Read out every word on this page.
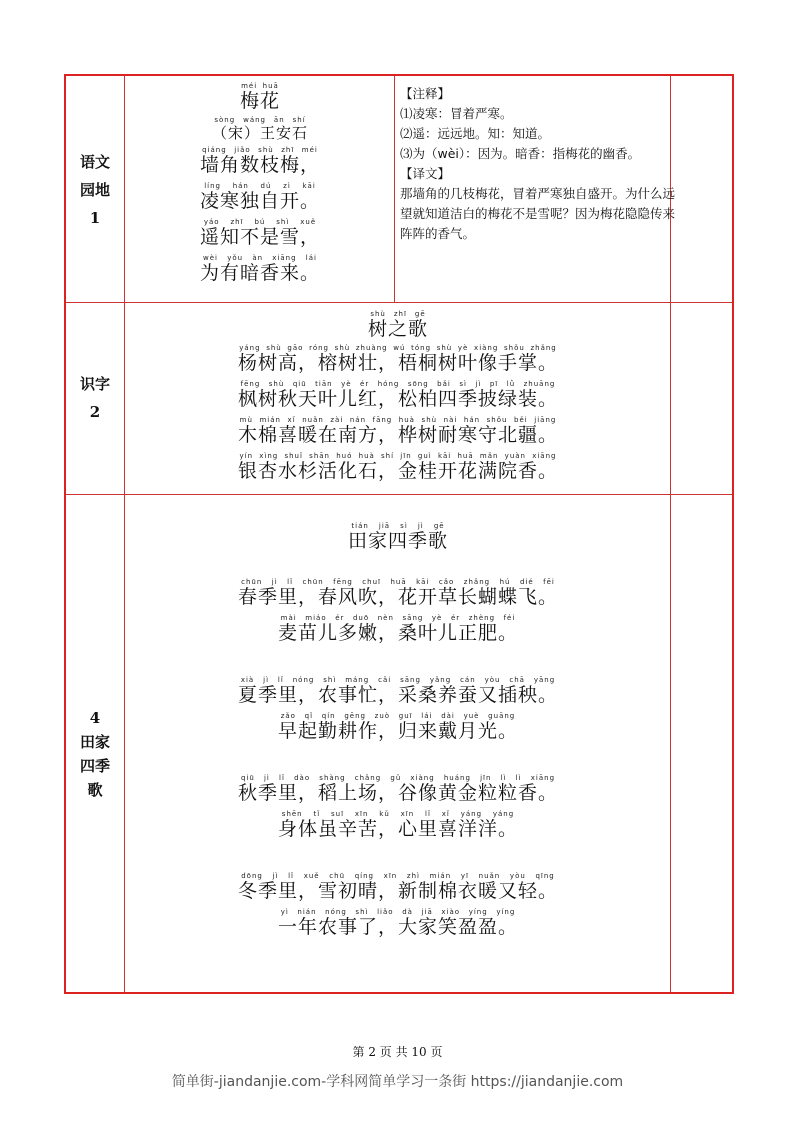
语文
园地
1
梅花méi huā
（宋）王安石sòng wáng ān shí
墙角数枝梅，qiáng jiǎo shù zhī méi
凌寒独自开。líng hán dú zì kāi
遥知不是雪，yáo zhī bú shì xuě
为有暗香来。wèi yǒu àn xiāng lái
【注释】
⑴凌寒：冒着严寒。
⑵遥：远远地。知：知道。
⑶为（wèi）：因为。暗香：指梅花的幽香。
【译文】
那墙角的几枝梅花，冒着严寒独自盛开。为什么远望就知道洁白的梅花不是雪呢？因为梅花隐隐传来阵阵的香气。
识字
2
树之歌shù zhī gē
杨树高，榕树壮，梧桐树叶像手掌。yáng shù gāo róng shù zhuàng wú tóng shù yè xiàng shǒu zhǎng
枫树秋天叶儿红，松柏四季披绿装。fēng shù qiū tiān yè ér hóng sōng bǎi sì jì pī lǜ zhuāng
木棉喜暖在南方，桦树耐寒守北疆。mù mián xǐ nuǎn zài nán fāng huà shù nài hán shǒu běi jiāng
银杏水杉活化石，金桂开花满院香。yín xìng shuǐ shān huó huà shí jīn guì kāi huā mǎn yuàn xiāng
4
田家
四季
歌
田家四季歌tián jiā sì jì gē
春季里，春风吹，花开草长蝴蝶飞。chūn jì lǐ chūn fēng chuī huā kāi cǎo zhǎng hú dié fēi
麦苗儿多嫩，桑叶儿正肥。mài miáo ér duō nèn sāng yè ér zhèng féi
夏季里，农事忙，采桑养蚕又插秧。xià jì lǐ nóng shì máng cǎi sāng yǎng cán yòu chā yāng
早起勤耕作，归来戴月光。zǎo qǐ qín gēng zuò guī lái dài yuè guāng
秋季里，稻上场，谷像黄金粒粒香。qiū jì lǐ dào shàng chǎng gǔ xiàng huáng jīn lì lì xiāng
身体虽辛苦，心里喜洋洋。shēn tǐ suī xīn kǔ xīn lǐ xǐ yáng yáng
冬季里，雪初晴，新制棉衣暖又轻。dōng jì lǐ xuě chū qíng xīn zhì mián yī nuǎn yòu qīng
一年农事了，大家笑盈盈。yì nián nóng shì liǎo dà jiā xiào yíng yíng
第 2 页 共 10 页
简单街-jiandanjie.com-学科网简单学习一条街 https://jiandanjie.com
